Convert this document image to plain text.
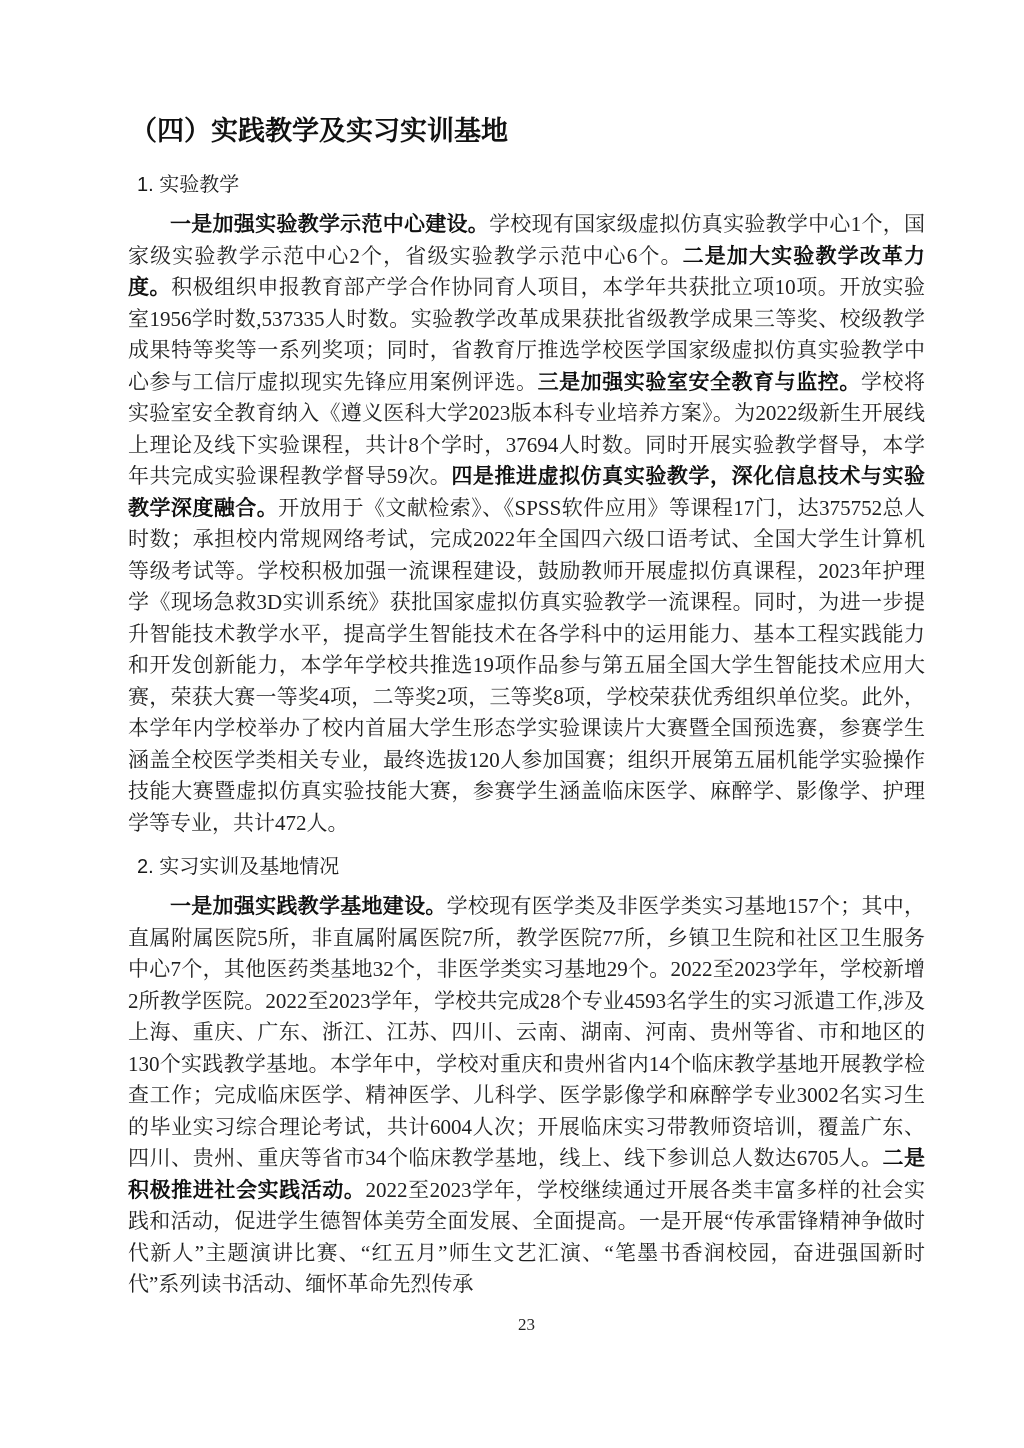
（四）实践教学及实习实训基地
1. 实验教学

一是加强实验教学示范中心建设。学校现有国家级虚拟仿真实验教学中心1个，国家级实验教学示范中心2个，省级实验教学示范中心6个。二是加大实验教学改革力度。积极组织申报教育部产学合作协同育人项目，本学年共获批立项10项。开放实验室1956学时数,537335人时数。实验教学改革成果获批省级教学成果三等奖、校级教学成果特等奖等一系列奖项；同时，省教育厅推选学校医学国家级虚拟仿真实验教学中心参与工信厅虚拟现实先锋应用案例评选。三是加强实验室安全教育与监控。学校将实验室安全教育纳入《遵义医科大学2023版本科专业培养方案》。为2022级新生开展线上理论及线下实验课程，共计8个学时，37694人时数。同时开展实验教学督导，本学年共完成实验课程教学督导59次。四是推进虚拟仿真实验教学，深化信息技术与实验教学深度融合。开放用于《文献检索》、《SPSS软件应用》等课程17门，达375752总人时数；承担校内常规网络考试，完成2022年全国四六级口语考试、全国大学生计算机等级考试等。学校积极加强一流课程建设，鼓励教师开展虚拟仿真课程，2023年护理学《现场急救3D实训系统》获批国家虚拟仿真实验教学一流课程。同时，为进一步提升智能技术教学水平，提高学生智能技术在各学科中的运用能力、基本工程实践能力和开发创新能力，本学年学校共推选19项作品参与第五届全国大学生智能技术应用大赛，荣获大赛一等奖4项，二等奖2项，三等奖8项，学校荣获优秀组织单位奖。此外，本学年内学校举办了校内首届大学生形态学实验课读片大赛暨全国预选赛，参赛学生涵盖全校医学类相关专业，最终选拔120人参加国赛；组织开展第五届机能学实验操作技能大赛暨虚拟仿真实验技能大赛，参赛学生涵盖临床医学、麻醉学、影像学、护理学等专业，共计472人。

2. 实习实训及基地情况

一是加强实践教学基地建设。学校现有医学类及非医学类实习基地157个；其中，直属附属医院5所，非直属附属医院7所，教学医院77所，乡镇卫生院和社区卫生服务中心7个，其他医药类基地32个，非医学类实习基地29个。2022至2023学年，学校新增2所教学医院。2022至2023学年，学校共完成28个专业4593名学生的实习派遣工作,涉及上海、重庆、广东、浙江、江苏、四川、云南、湖南、河南、贵州等省、市和地区的130个实践教学基地。本学年中，学校对重庆和贵州省内14个临床教学基地开展教学检查工作；完成临床医学、精神医学、儿科学、医学影像学和麻醉学专业3002名实习生的毕业实习综合理论考试，共计6004人次；开展临床实习带教师资培训，覆盖广东、四川、贵州、重庆等省市34个临床教学基地，线上、线下参训总人数达6705人。二是积极推进社会实践活动。2022至2023学年，学校继续通过开展各类丰富多样的社会实践和活动，促进学生德智体美劳全面发展、全面提高。一是开展“传承雷锋精神争做时代新人”主题演讲比赛、“红五月”师生文艺汇演、“笔墨书香润校园，奋进强国新时代”系列读书活动、缅怀革命先烈传承

23
